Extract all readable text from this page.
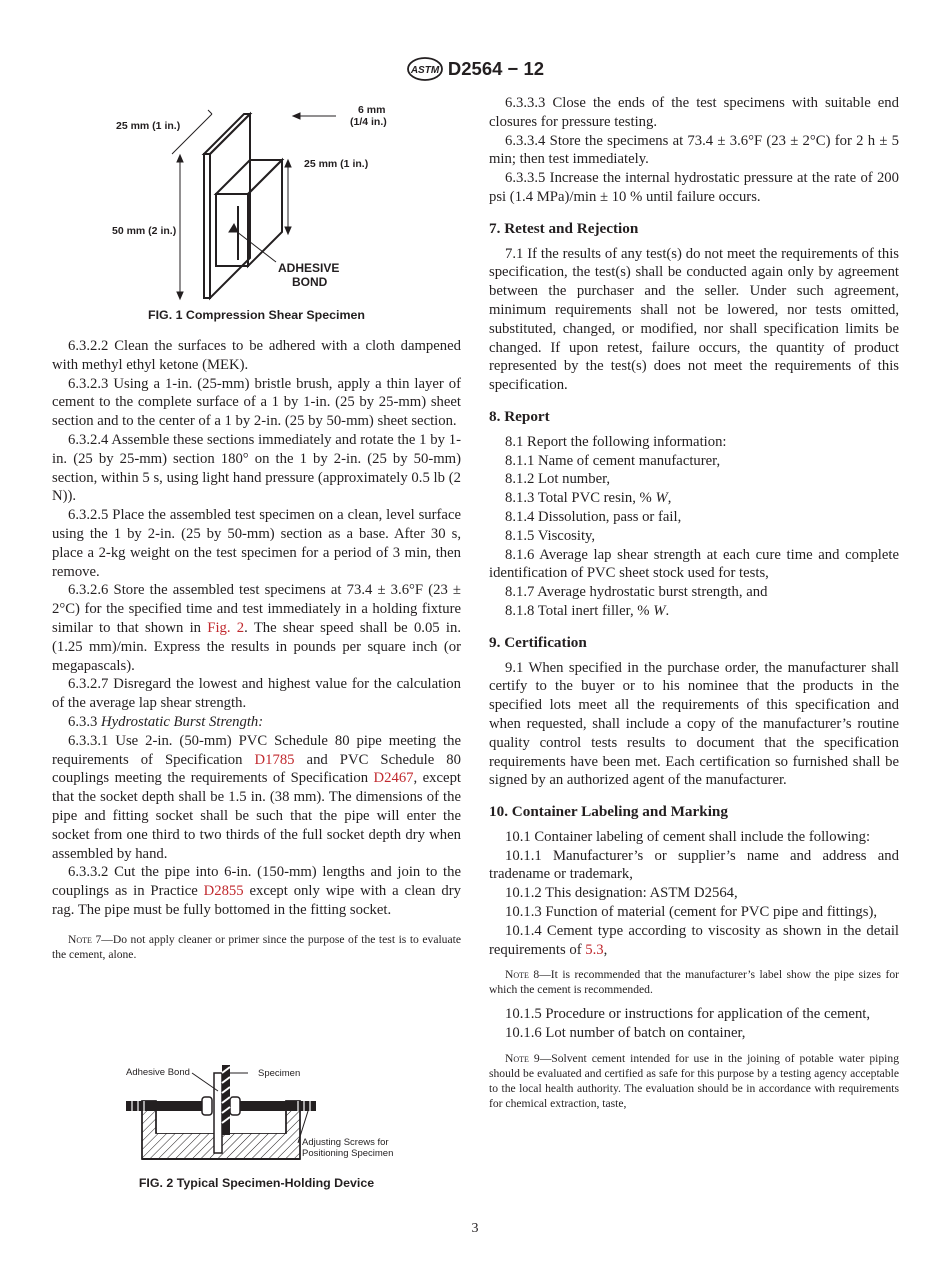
ASTM D2564 − 12
25 mm (1 in.)
6 mm
(1/4 in.)
25 mm (1 in.)
50 mm (2 in.)
ADHESIVE
BOND
FIG. 1 Compression Shear Specimen

6.3.2.2 Clean the surfaces to be adhered with a cloth dampened with methyl ethyl ketone (MEK).

6.3.2.3 Using a 1-in. (25-mm) bristle brush, apply a thin layer of cement to the complete surface of a 1 by 1-in. (25 by 25-mm) sheet section and to the center of a 1 by 2-in. (25 by 50-mm) sheet section.

6.3.2.4 Assemble these sections immediately and rotate the 1 by 1-in. (25 by 25-mm) section 180° on the 1 by 2-in. (25 by 50-mm) section, within 5 s, using light hand pressure (approximately 0.5 lb (2 N)).

6.3.2.5 Place the assembled test specimen on a clean, level surface using the 1 by 2-in. (25 by 50-mm) section as a base. After 30 s, place a 2-kg weight on the test specimen for a period of 3 min, then remove.

6.3.2.6 Store the assembled test specimens at 73.4 ± 3.6°F (23 ± 2°C) for the specified time and test immediately in a holding fixture similar to that shown in Fig. 2. The shear speed shall be 0.05 in. (1.25 mm)/min. Express the results in pounds per square inch (or megapascals).

6.3.2.7 Disregard the lowest and highest value for the calculation of the average lap shear strength.

6.3.3 Hydrostatic Burst Strength:

6.3.3.1 Use 2-in. (50-mm) PVC Schedule 80 pipe meeting the requirements of Specification D1785 and PVC Schedule 80 couplings meeting the requirements of Specification D2467, except that the socket depth shall be 1.5 in. (38 mm). The dimensions of the pipe and fitting socket shall be such that the pipe will enter the socket from one third to two thirds of the full socket depth dry when assembled by hand.

6.3.3.2 Cut the pipe into 6-in. (150-mm) lengths and join to the couplings as in Practice D2855 except only wipe with a clean dry rag. The pipe must be fully bottomed in the fitting socket.

Note 7—Do not apply cleaner or primer since the purpose of the test is to evaluate the cement, alone.

Adhesive Bond	Specimen
Adjusting Screws for
Positioning Specimen
FIG. 2 Typical Specimen-Holding Device

6.3.3.3 Close the ends of the test specimens with suitable end closures for pressure testing.

6.3.3.4 Store the specimens at 73.4 ± 3.6°F (23 ± 2°C) for 2 h ± 5 min; then test immediately.

6.3.3.5 Increase the internal hydrostatic pressure at the rate of 200 psi (1.4 MPa)/min ± 10 % until failure occurs.

7. Retest and Rejection

7.1 If the results of any test(s) do not meet the requirements of this specification, the test(s) shall be conducted again only by agreement between the purchaser and the seller. Under such agreement, minimum requirements shall not be lowered, nor tests omitted, substituted, changed, or modified, nor shall specification limits be changed. If upon retest, failure occurs, the quantity of product represented by the test(s) does not meet the requirements of this specification.

8. Report

8.1 Report the following information:

8.1.1 Name of cement manufacturer,

8.1.2 Lot number,

8.1.3 Total PVC resin, % W,

8.1.4 Dissolution, pass or fail,

8.1.5 Viscosity,

8.1.6 Average lap shear strength at each cure time and complete identification of PVC sheet stock used for tests,

8.1.7 Average hydrostatic burst strength, and

8.1.8 Total inert filler, % W.

9. Certification

9.1 When specified in the purchase order, the manufacturer shall certify to the buyer or to his nominee that the products in the specified lots meet all the requirements of this specification and when requested, shall include a copy of the manufacturer’s routine quality control tests results to document that the specification requirements have been met. Each certification so furnished shall be signed by an authorized agent of the manufacturer.

10. Container Labeling and Marking

10.1 Container labeling of cement shall include the following:

10.1.1 Manufacturer’s or supplier’s name and address and tradename or trademark,

10.1.2 This designation: ASTM D2564,

10.1.3 Function of material (cement for PVC pipe and fittings),

10.1.4 Cement type according to viscosity as shown in the detail requirements of 5.3,

Note 8—It is recommended that the manufacturer’s label show the pipe sizes for which the cement is recommended.

10.1.5 Procedure or instructions for application of the cement,

10.1.6 Lot number of batch on container,

Note 9—Solvent cement intended for use in the joining of potable water piping should be evaluated and certified as safe for this purpose by a testing agency acceptable to the local health authority. The evaluation should be in accordance with requirements for chemical extraction, taste,

3
